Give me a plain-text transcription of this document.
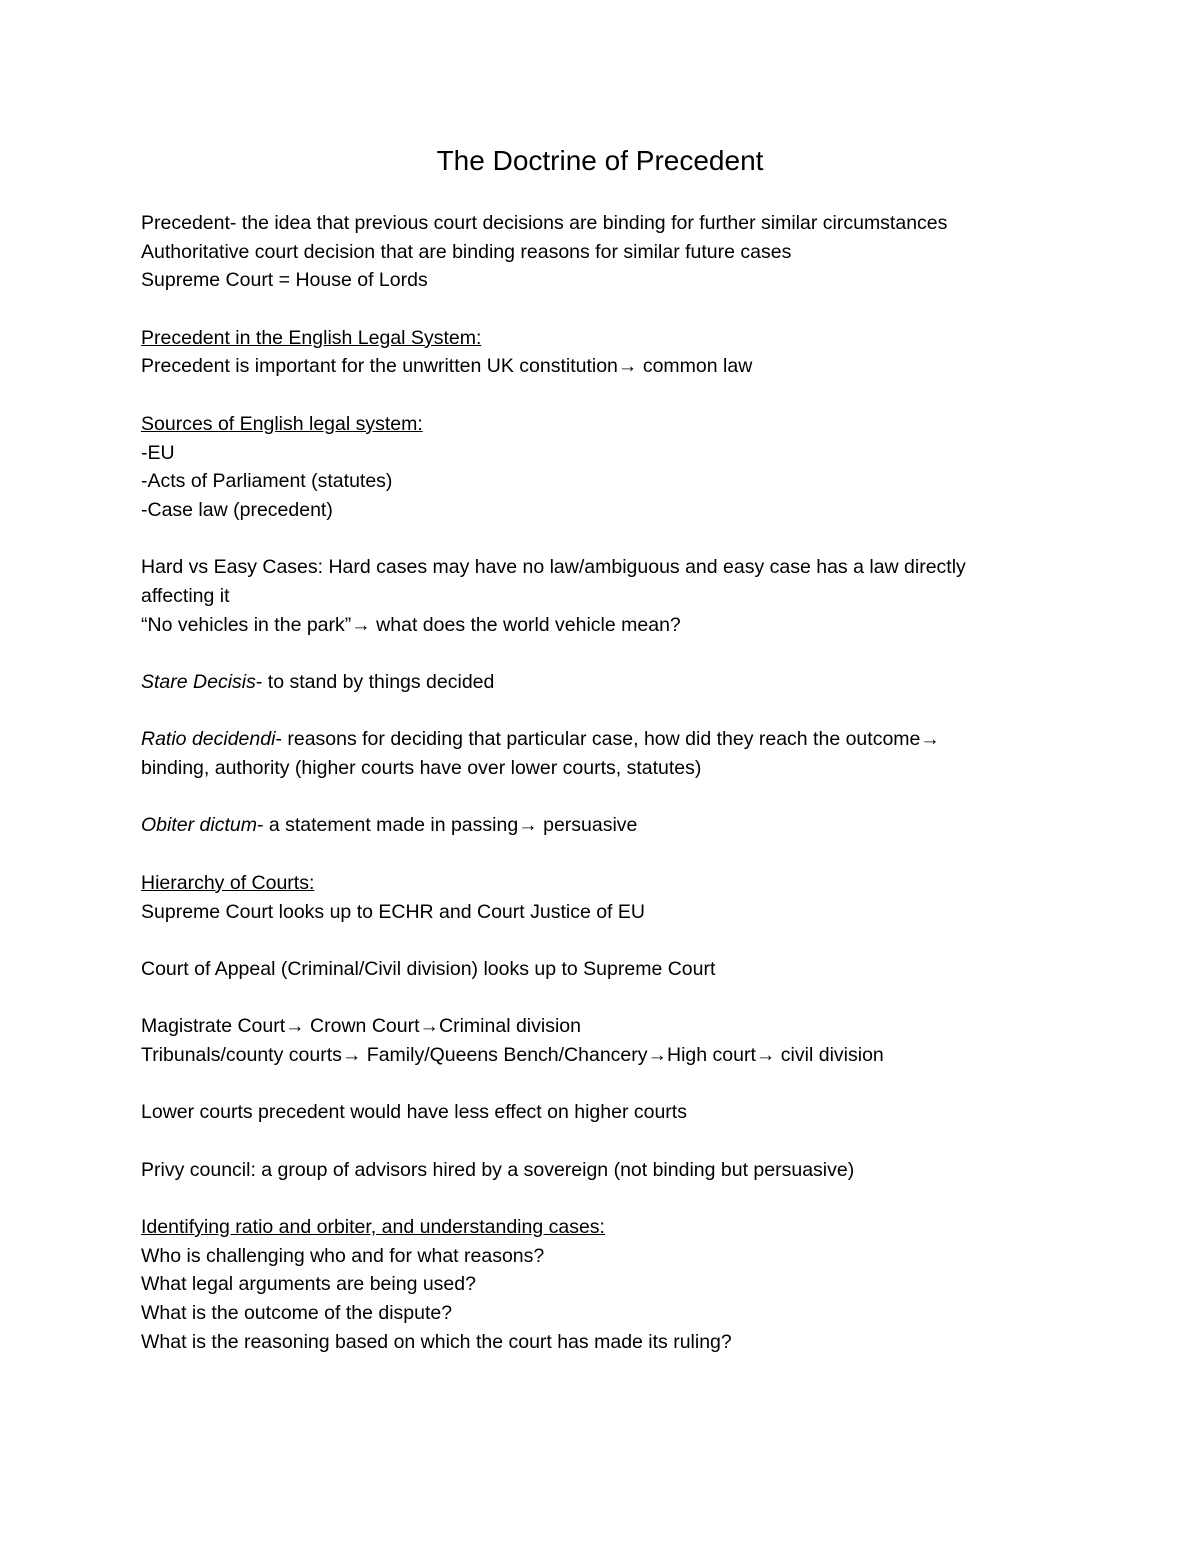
The Doctrine of Precedent
Precedent- the idea that previous court decisions are binding for further similar circumstances
Authoritative court decision that are binding reasons for similar future cases
Supreme Court = House of Lords
Precedent in the English Legal System:
Precedent is important for the unwritten UK constitution→ common law
Sources of English legal system:
-EU
-Acts of Parliament (statutes)
-Case law (precedent)
Hard vs Easy Cases: Hard cases may have no law/ambiguous and easy case has a law directly
affecting it
“No vehicles in the park”→ what does the world vehicle mean?
Stare Decisis- to stand by things decided
Ratio decidendi- reasons for deciding that particular case, how did they reach the outcome→
binding, authority (higher courts have over lower courts, statutes)
Obiter dictum- a statement made in passing→ persuasive
Hierarchy of Courts:
Supreme Court looks up to ECHR and Court Justice of EU
Court of Appeal (Criminal/Civil division) looks up to Supreme Court
Magistrate Court→ Crown Court→Criminal division
Tribunals/county courts→ Family/Queens Bench/Chancery→High court→ civil division
Lower courts precedent would have less effect on higher courts
Privy council: a group of advisors hired by a sovereign (not binding but persuasive)
Identifying ratio and orbiter, and understanding cases:
Who is challenging who and for what reasons?
What legal arguments are being used?
What is the outcome of the dispute?
What is the reasoning based on which the court has made its ruling?
